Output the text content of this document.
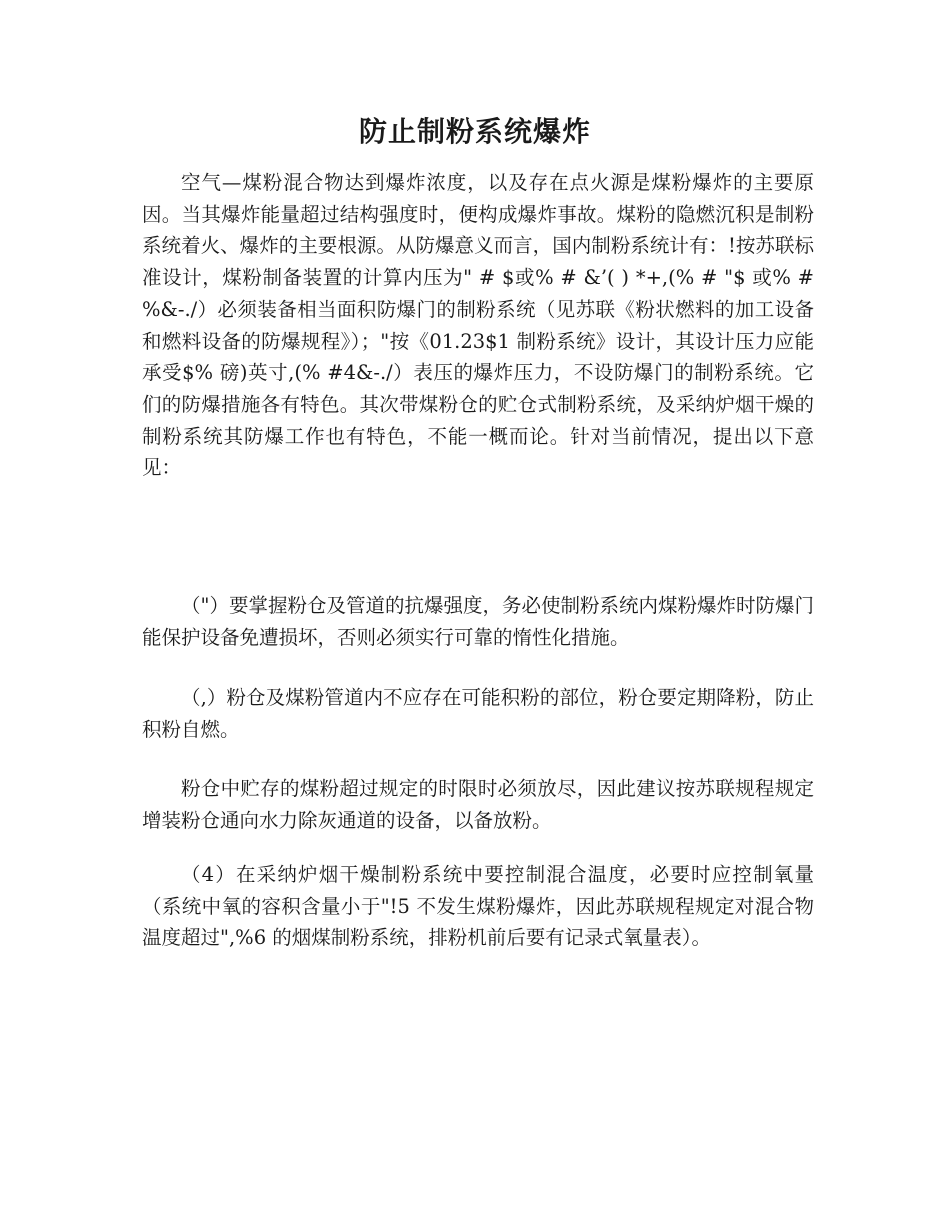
防止制粉系统爆炸

空气—煤粉混合物达到爆炸浓度，以及存在点火源是煤粉爆炸的主要原因。当其爆炸能量超过结构强度时，便构成爆炸事故。煤粉的隐燃沉积是制粉系统着火、爆炸的主要根源。从防爆意义而言，国内制粉系统计有：!按苏联标准设计，煤粉制备装置的计算内压为" # $或% # &’( ) *+,(% # "$ 或% # %&-./）必须装备相当面积防爆门的制粉系统（见苏联《粉状燃料的加工设备和燃料设备的防爆规程》）；"按《01.23$1 制粉系统》设计，其设计压力应能承受$% 磅)英寸,(% #4&-./）表压的爆炸压力，不设防爆门的制粉系统。它们的防爆措施各有特色。其次带煤粉仓的贮仓式制粉系统，及采纳炉烟干燥的制粉系统其防爆工作也有特色，不能一概而论。针对当前情况，提出以下意见：

（"）要掌握粉仓及管道的抗爆强度，务必使制粉系统内煤粉爆炸时防爆门能保护设备免遭损坏，否则必须实行可靠的惰性化措施。

（,）粉仓及煤粉管道内不应存在可能积粉的部位，粉仓要定期降粉，防止积粉自燃。

粉仓中贮存的煤粉超过规定的时限时必须放尽，因此建议按苏联规程规定增装粉仓通向水力除灰通道的设备，以备放粉。

（4）在采纳炉烟干燥制粉系统中要控制混合温度，必要时应控制氧量（系统中氧的容积含量小于"!5 不发生煤粉爆炸，因此苏联规程规定对混合物温度超过",%6 的烟煤制粉系统，排粉机前后要有记录式氧量表）。
